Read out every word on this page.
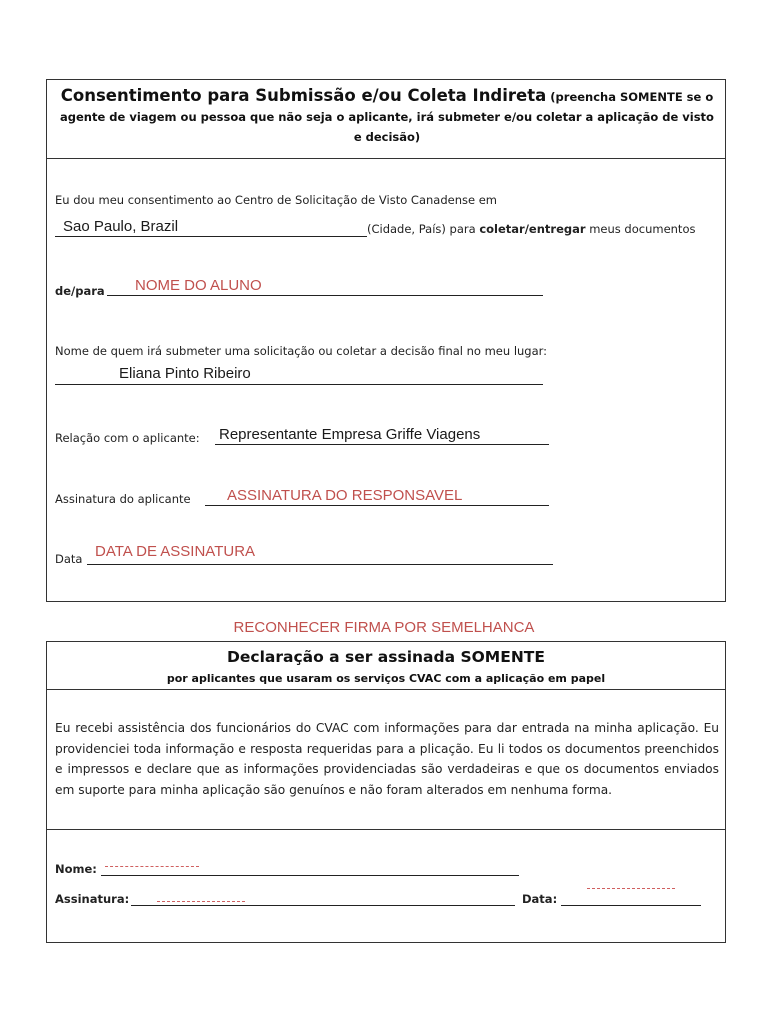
Consentimento para Submissão e/ou Coleta Indireta (preencha SOMENTE se o agente de viagem ou pessoa que não seja o aplicante, irá submeter e/ou coletar a aplicação de visto e decisão)
Eu dou meu consentimento ao Centro de Solicitação de Visto Canadense em
Sao Paulo, Brazil	(Cidade, País) para coletar/entregar meus documentos
de/para NOME DO ALUNO
Nome de quem irá submeter uma solicitação ou coletar a decisão final no meu lugar:
Eliana Pinto Ribeiro
Relação com o aplicante: Representante Empresa Griffe Viagens
Assinatura do aplicante ASSINATURA DO RESPONSAVEL
Data DATA DE ASSINATURA
RECONHECER FIRMA POR SEMELHANCA
Declaração a ser assinada SOMENTE
por aplicantes que usaram os serviços CVAC com a aplicação em papel
Eu recebi assistência dos funcionários do CVAC com informações para dar entrada na minha aplicação. Eu providenciei toda informação e resposta requeridas para a plicação. Eu li todos os documentos preenchidos e impressos e declare que as informações providenciadas são verdadeiras e que os documentos enviados em suporte para minha aplicação são genuínos e não foram alterados em nenhuma forma.
Nome:
Assinatura:	Data:
